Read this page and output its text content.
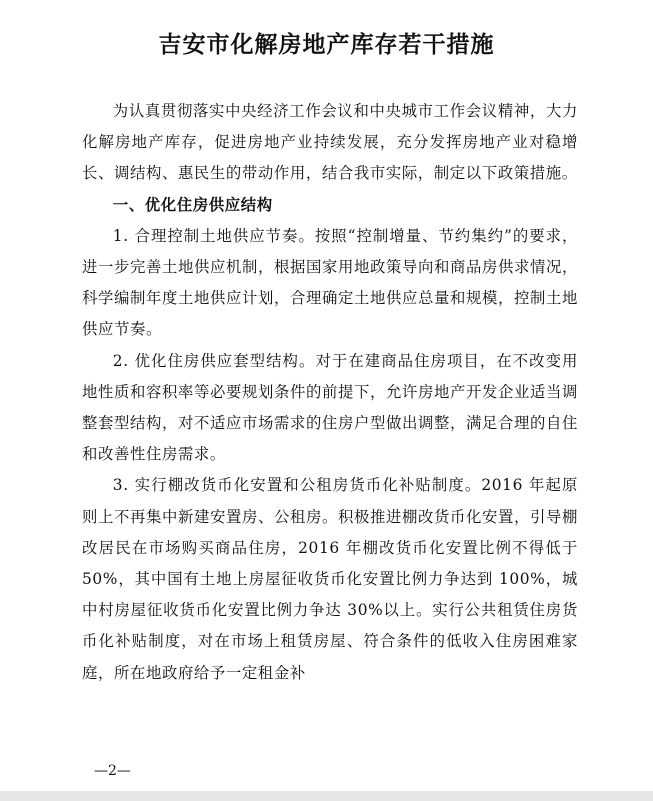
吉安市化解房地产库存若干措施

为认真贯彻落实中央经济工作会议和中央城市工作会议精神，大力化解房地产库存，促进房地产业持续发展，充分发挥房地产业对稳增长、调结构、惠民生的带动作用，结合我市实际，制定以下政策措施。

一、优化住房供应结构

1. 合理控制土地供应节奏。按照“控制增量、节约集约”的要求，进一步完善土地供应机制，根据国家用地政策导向和商品房供求情况，科学编制年度土地供应计划，合理确定土地供应总量和规模，控制土地供应节奏。

2. 优化住房供应套型结构。对于在建商品住房项目，在不改变用地性质和容积率等必要规划条件的前提下，允许房地产开发企业适当调整套型结构，对不适应市场需求的住房户型做出调整，满足合理的自住和改善性住房需求。

3. 实行棚改货币化安置和公租房货币化补贴制度。2016 年起原则上不再集中新建安置房、公租房。积极推进棚改货币化安置，引导棚改居民在市场购买商品住房，2016 年棚改货币化安置比例不得低于 50%，其中国有土地上房屋征收货币化安置比例力争达到 100%，城中村房屋征收货币化安置比例力争达 30%以上。实行公共租赁住房货币化补贴制度，对在市场上租赁房屋、符合条件的低收入住房困难家庭，所在地政府给予一定租金补

—2—
